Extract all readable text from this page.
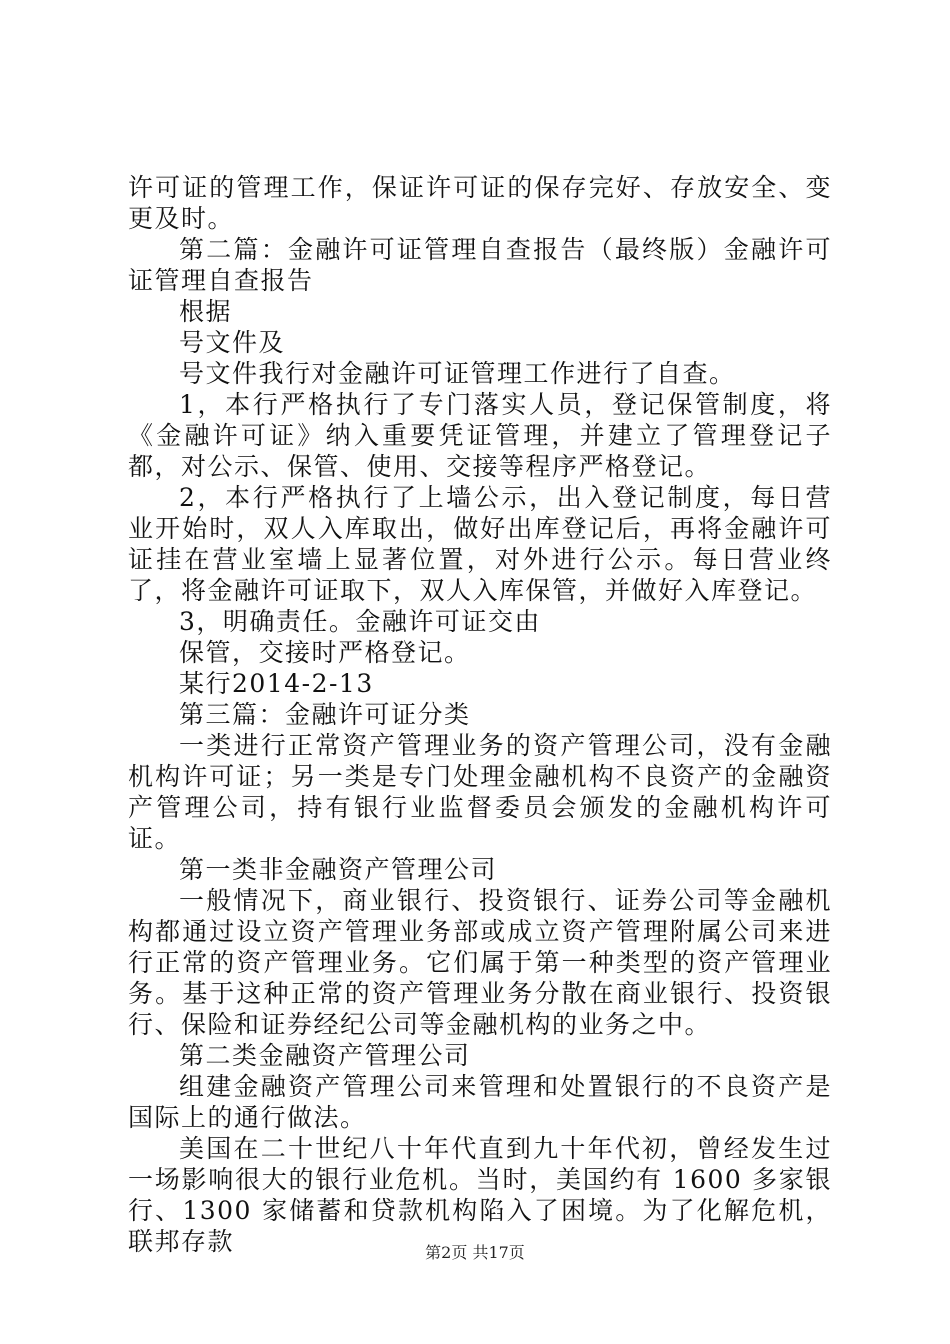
许可证的管理工作，保证许可证的保存完好、存放安全、变更及时。

第二篇：金融许可证管理自查报告（最终版）金融许可证管理自查报告

根据

号文件及

号文件我行对金融许可证管理工作进行了自查。

1，本行严格执行了专门落实人员，登记保管制度，将《金融许可证》纳入重要凭证管理，并建立了管理登记子都，对公示、保管、使用、交接等程序严格登记。

2，本行严格执行了上墙公示，出入登记制度，每日营业开始时，双人入库取出，做好出库登记后，再将金融许可证挂在营业室墙上显著位置，对外进行公示。每日营业终了，将金融许可证取下，双人入库保管，并做好入库登记。

3，明确责任。金融许可证交由

保管，交接时严格登记。

某行2014-2-13

第三篇：金融许可证分类

一类进行正常资产管理业务的资产管理公司，没有金融机构许可证；另一类是专门处理金融机构不良资产的金融资产管理公司，持有银行业监督委员会颁发的金融机构许可证。

第一类非金融资产管理公司

一般情况下，商业银行、投资银行、证券公司等金融机构都通过设立资产管理业务部或成立资产管理附属公司来进行正常的资产管理业务。它们属于第一种类型的资产管理业务。基于这种正常的资产管理业务分散在商业银行、投资银行、保险和证券经纪公司等金融机构的业务之中。

第二类金融资产管理公司

组建金融资产管理公司来管理和处置银行的不良资产是国际上的通行做法。

美国在二十世纪八十年代直到九十年代初，曾经发生过一场影响很大的银行业危机。当时，美国约有 1600 多家银行、1300 家储蓄和贷款机构陷入了困境。为了化解危机，联邦存款	第2页 共17页
